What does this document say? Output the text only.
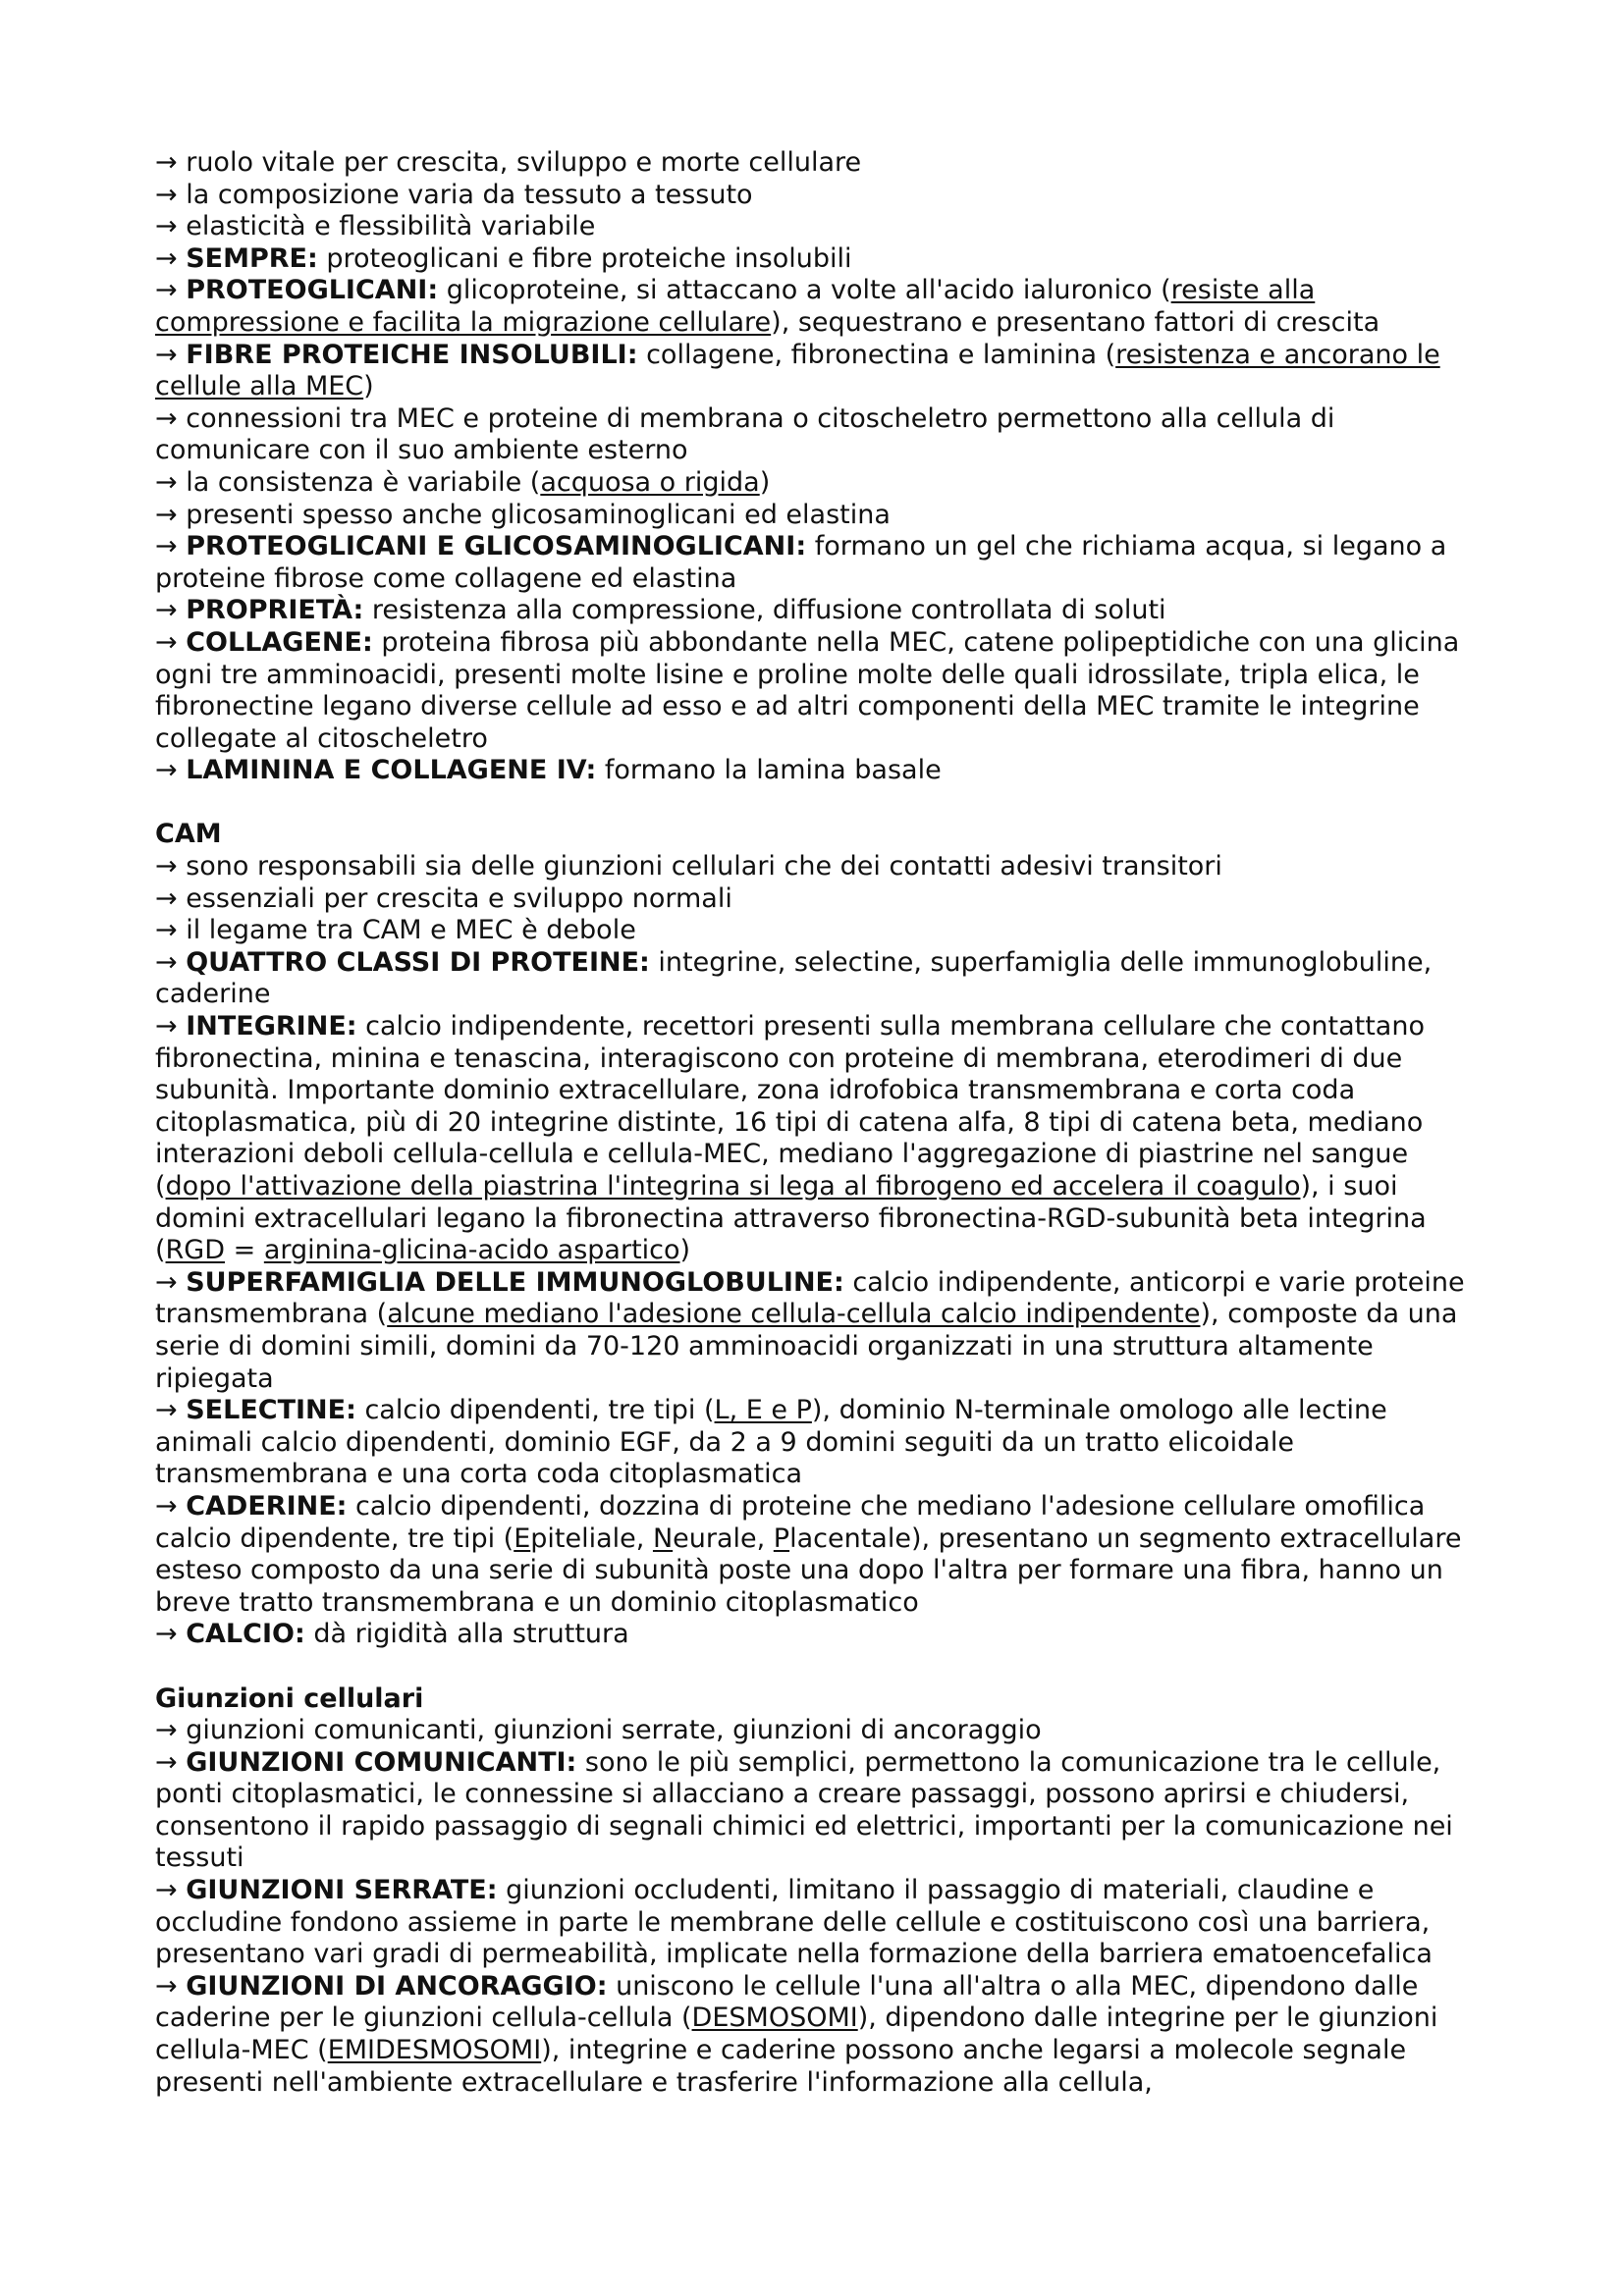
→ ruolo vitale per crescita, sviluppo e morte cellulare

→ la composizione varia da tessuto a tessuto

→ elasticità e flessibilità variabile

→ SEMPRE: proteoglicani e fibre proteiche insolubili

→ PROTEOGLICANI: glicoproteine, si attaccano a volte all'acido ialuronico (resiste alla compressione e facilita la migrazione cellulare), sequestrano e presentano fattori di crescita

→ FIBRE PROTEICHE INSOLUBILI: collagene, fibronectina e laminina (resistenza e ancorano le cellule alla MEC)

→ connessioni tra MEC e proteine di membrana o citoscheletro permettono alla cellula di comunicare con il suo ambiente esterno

→ la consistenza è variabile (acquosa o rigida)

→ presenti spesso anche glicosaminoglicani ed elastina

→ PROTEOGLICANI E GLICOSAMINOGLICANI: formano un gel che richiama acqua, si legano a proteine fibrose come collagene ed elastina

→ PROPRIETÀ: resistenza alla compressione, diffusione controllata di soluti

→ COLLAGENE: proteina fibrosa più abbondante nella MEC, catene polipeptidiche con una glicina ogni tre amminoacidi, presenti molte lisine e proline molte delle quali idrossilate, tripla elica, le fibronectine legano diverse cellule ad esso e ad altri componenti della MEC tramite le integrine collegate al citoscheletro

→ LAMININA E COLLAGENE IV: formano la lamina basale

CAM

→ sono responsabili sia delle giunzioni cellulari che dei contatti adesivi transitori

→ essenziali per crescita e sviluppo normali

→ il legame tra CAM e MEC è debole

→ QUATTRO CLASSI DI PROTEINE: integrine, selectine, superfamiglia delle immunoglobuline, caderine

→ INTEGRINE: calcio indipendente, recettori presenti sulla membrana cellulare che contattano fibronectina, minina e tenascina, interagiscono con proteine di membrana, eterodimeri di due subunità. Importante dominio extracellulare, zona idrofobica transmembrana e corta coda citoplasmatica, più di 20 integrine distinte, 16 tipi di catena alfa, 8 tipi di catena beta, mediano interazioni deboli cellula-cellula e cellula-MEC, mediano l'aggregazione di piastrine nel sangue (dopo l'attivazione della piastrina l'integrina si lega al fibrogeno ed accelera il coagulo), i suoi domini extracellulari legano la fibronectina attraverso fibronectina-RGD-subunità beta integrina (RGD = arginina-glicina-acido aspartico)

→ SUPERFAMIGLIA DELLE IMMUNOGLOBULINE: calcio indipendente, anticorpi e varie proteine transmembrana (alcune mediano l'adesione cellula-cellula calcio indipendente), composte da una serie di domini simili, domini da 70-120 amminoacidi organizzati in una struttura altamente ripiegata

→ SELECTINE: calcio dipendenti, tre tipi (L, E e P), dominio N-terminale omologo alle lectine animali calcio dipendenti, dominio EGF, da 2 a 9 domini seguiti da un tratto elicoidale transmembrana e una corta coda citoplasmatica

→ CADERINE: calcio dipendenti, dozzina di proteine che mediano l'adesione cellulare omofilica calcio dipendente, tre tipi (Epiteliale, Neurale, Placentale), presentano un segmento extracellulare esteso composto da una serie di subunità poste una dopo l'altra per formare una fibra, hanno un breve tratto transmembrana e un dominio citoplasmatico

→ CALCIO: dà rigidità alla struttura

Giunzioni cellulari

→ giunzioni comunicanti, giunzioni serrate, giunzioni di ancoraggio

→ GIUNZIONI COMUNICANTI: sono le più semplici, permettono la comunicazione tra le cellule, ponti citoplasmatici, le connessine si allacciano a creare passaggi, possono aprirsi e chiudersi, consentono il rapido passaggio di segnali chimici ed elettrici, importanti per la comunicazione nei tessuti

→ GIUNZIONI SERRATE: giunzioni occludenti, limitano il passaggio di materiali, claudine e occludine fondono assieme in parte le membrane delle cellule e costituiscono così una barriera, presentano vari gradi di permeabilità, implicate nella formazione della barriera ematoencefalica

→ GIUNZIONI DI ANCORAGGIO: uniscono le cellule l'una all'altra o alla MEC, dipendono dalle caderine per le giunzioni cellula-cellula (DESMOSOMI), dipendono dalle integrine per le giunzioni cellula-MEC (EMIDESMOSOMI), integrine e caderine possono anche legarsi a molecole segnale presenti nell'ambiente extracellulare e trasferire l'informazione alla cellula,
